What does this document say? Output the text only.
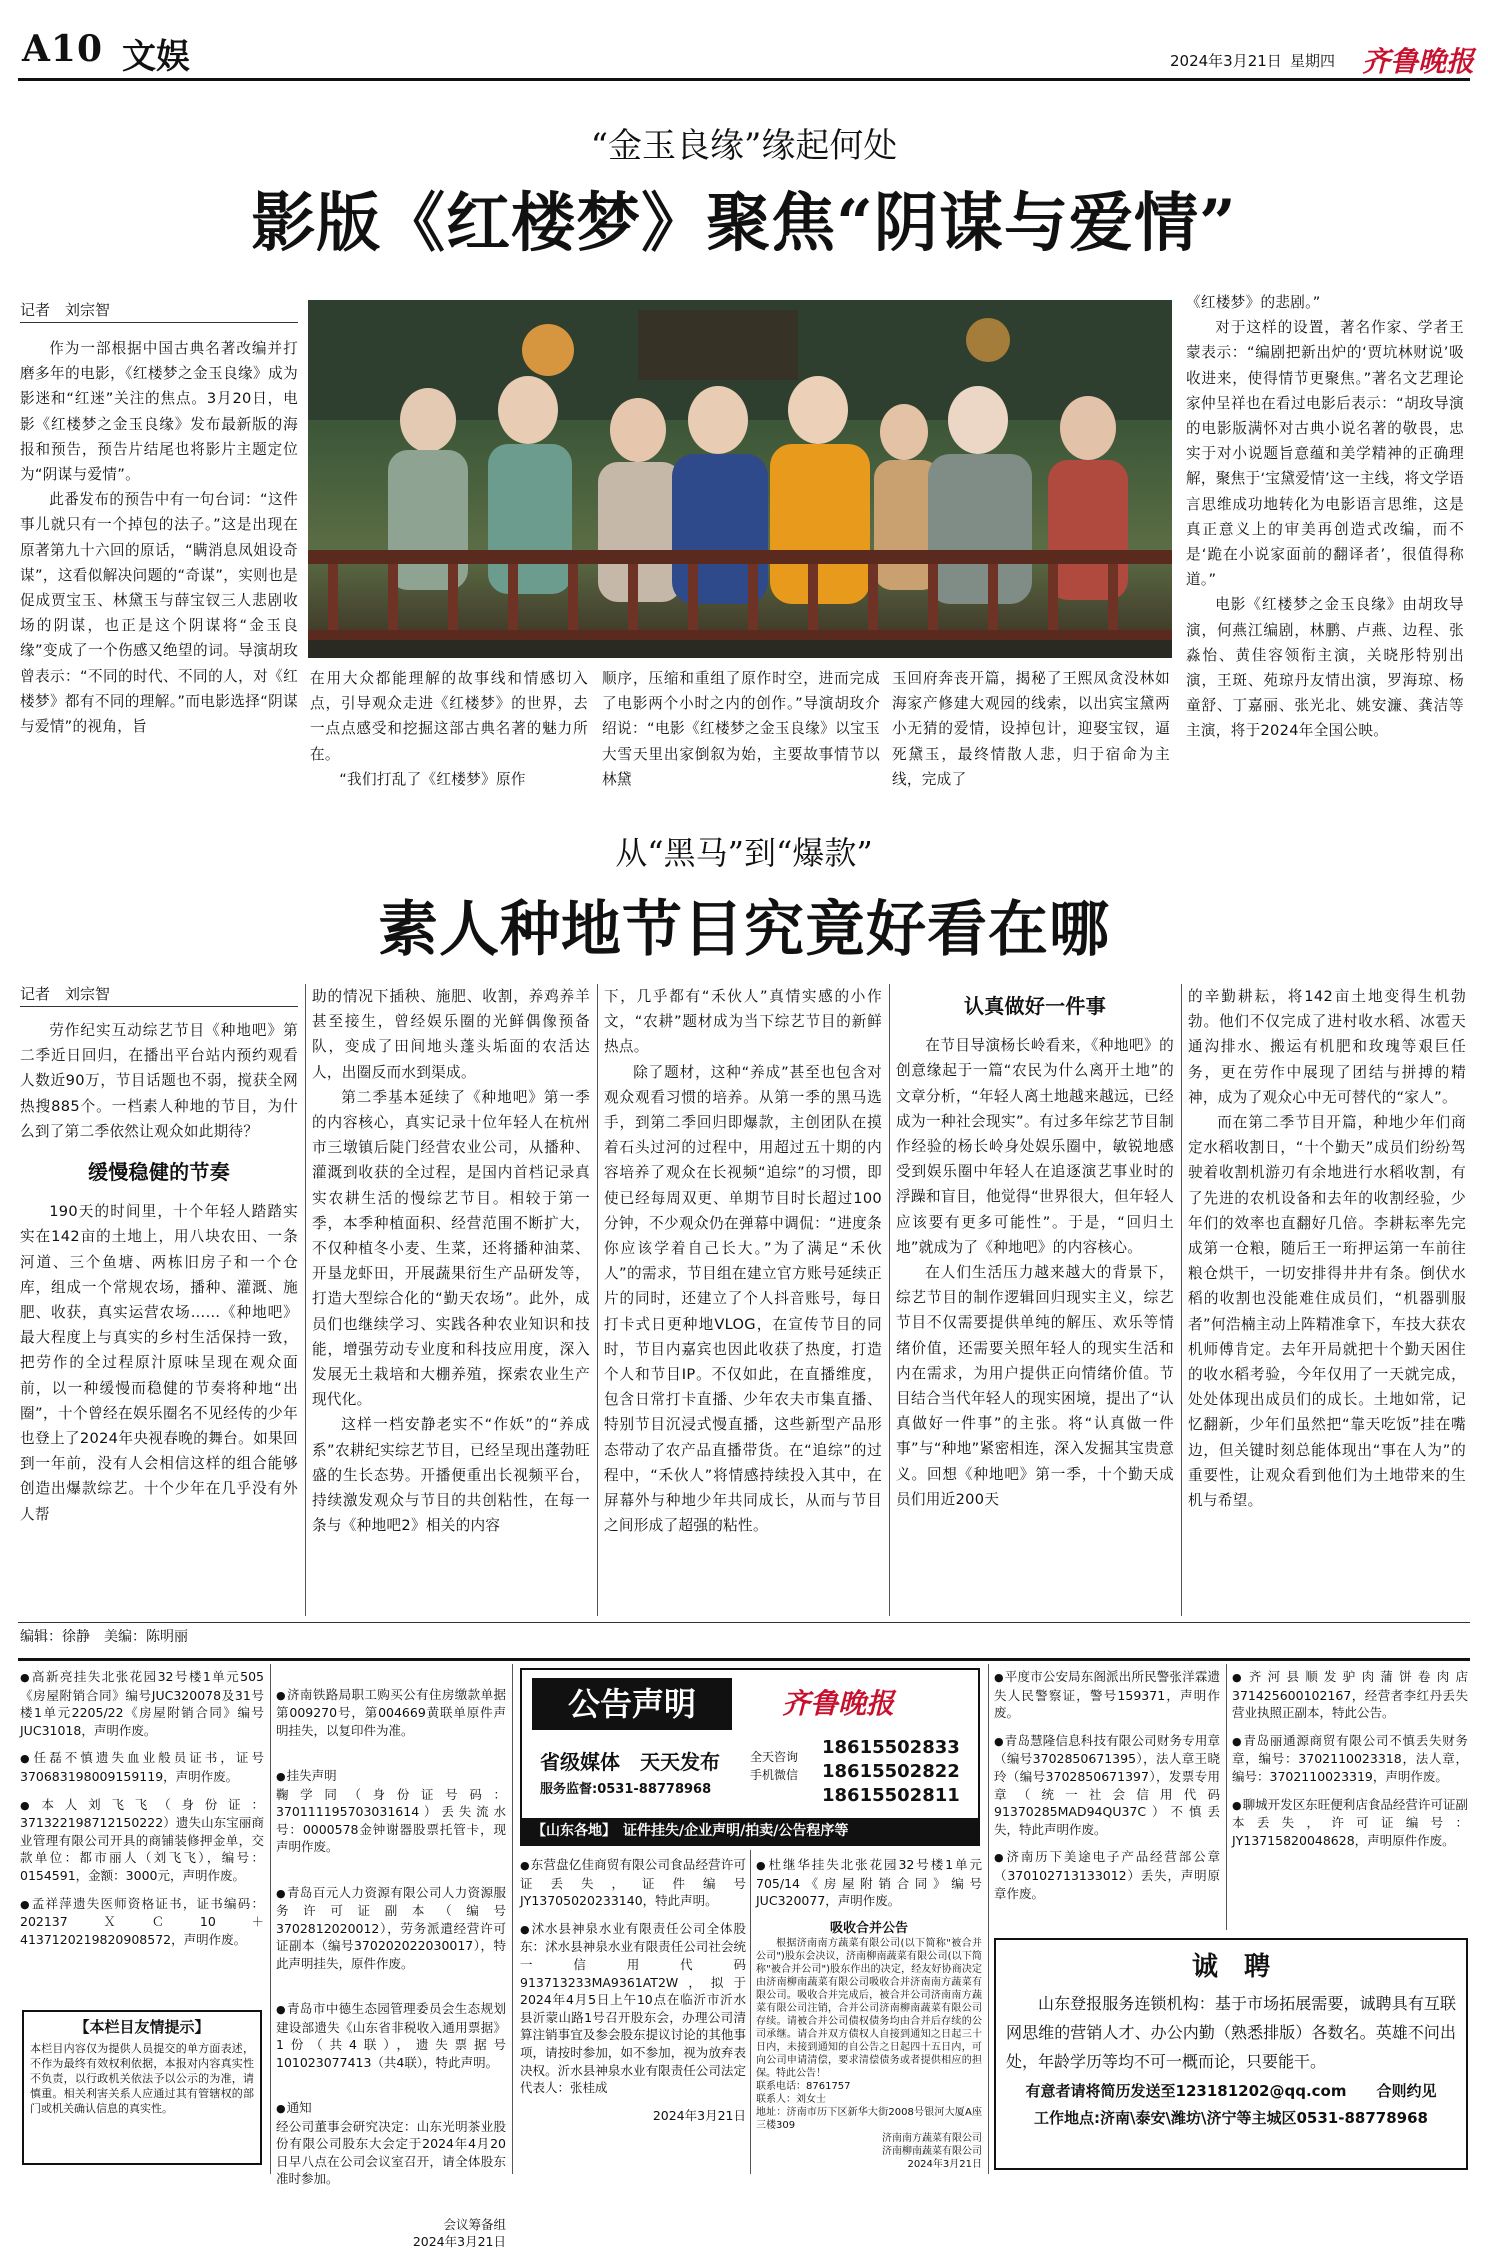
A10 文娱	2024年3月21日 星期四 齐鲁晚报
“金玉良缘”缘起何处
影版《红楼梦》聚焦“阴谋与爱情”
记者　刘宗智

作为一部根据中国古典名著改编并打磨多年的电影，《红楼梦之金玉良缘》成为影迷和“红迷”关注的焦点。3月20日，电影《红楼梦之金玉良缘》发布最新版的海报和预告，预告片结尾也将影片主题定位为“阴谋与爱情”。

此番发布的预告中有一句台词：“这件事儿就只有一个掉包的法子。”这是出现在原著第九十六回的原话，“瞒消息凤姐设奇谋”，这看似解决问题的“奇谋”，实则也是促成贾宝玉、林黛玉与薛宝钗三人悲剧收场的阴谋，也正是这个阴谋将“金玉良缘”变成了一个伤感又绝望的词。导演胡玫曾表示：“不同的时代、不同的人，对《红楼梦》都有不同的理解。”而电影选择“阴谋与爱情”的视角，旨

在用大众都能理解的故事线和情感切入点，引导观众走进《红楼梦》的世界，去一点点感受和挖掘这部古典名著的魅力所在。

“我们打乱了《红楼梦》原作

顺序，压缩和重组了原作时空，进而完成了电影两个小时之内的创作。”导演胡玫介绍说：“电影《红楼梦之金玉良缘》以宝玉大雪天里出家倒叙为始，主要故事情节以林黛

玉回府奔丧开篇，揭秘了王熙凤贪没林如海家产修建大观园的线索，以出宾宝黛两小无猜的爱情，设掉包计，迎娶宝钗，逼死黛玉，最终情散人悲，归于宿命为主线，完成了

《红楼梦》的悲剧。”

对于这样的设置，著名作家、学者王蒙表示：“编剧把新出炉的‘贾坑林财说’吸收进来，使得情节更聚焦。”著名文艺理论家仲呈祥也在看过电影后表示：“胡玫导演的电影版满怀对古典小说名著的敬畏，忠实于对小说题旨意蕴和美学精神的正确理解，聚焦于‘宝黛爱情’这一主线，将文学语言思维成功地转化为电影语言思维，这是真正意义上的审美再创造式改编，而不是‘跪在小说家面前的翻译者’，很值得称道。”

电影《红楼梦之金玉良缘》由胡玫导演，何燕江编剧，林鹏、卢燕、边程、张淼怡、黄佳容领衔主演，关晓彤特别出演，王斑、苑琼丹友情出演，罗海琼、杨童舒、丁嘉丽、张光北、姚安濂、龚洁等主演，将于2024年全国公映。

从“黑马”到“爆款”
素人种地节目究竟好看在哪
记者　刘宗智

劳作纪实互动综艺节目《种地吧》第二季近日回归，在播出平台站内预约观看人数近90万，节目话题也不弱，搅获全网热搜885个。一档素人种地的节目，为什么到了第二季依然让观众如此期待？

缓慢稳健的节奏

190天的时间里，十个年轻人踏踏实实在142亩的土地上，用八块农田、一条河道、三个鱼塘、两栋旧房子和一个仓库，组成一个常规农场，播种、灌溉、施肥、收获，真实运营农场……《种地吧》最大程度上与真实的乡村生活保持一致，把劳作的全过程原汁原味呈现在观众面前，以一种缓慢而稳健的节奏将种地“出圈”，十个曾经在娱乐圈名不见经传的少年也登上了2024年央视春晚的舞台。如果回到一年前，没有人会相信这样的组合能够创造出爆款综艺。十个少年在几乎没有外人帮

助的情况下插秧、施肥、收割，养鸡养羊甚至接生，曾经娱乐圈的光鲜偶像预备队，变成了田间地头蓬头垢面的农活达人，出圈反而水到渠成。

第二季基本延续了《种地吧》第一季的内容核心，真实记录十位年轻人在杭州市三墩镇后陡门经营农业公司，从播种、灌溉到收获的全过程，是国内首档记录真实农耕生活的慢综艺节目。相较于第一季，本季种植面积、经营范围不断扩大，不仅种植冬小麦、生菜，还将播种油菜、开垦龙虾田，开展蔬果衍生产品研发等，打造大型综合化的“勤天农场”。此外，成员们也继续学习、实践各种农业知识和技能，增强劳动专业度和科技应用度，深入发展无土栽培和大棚养殖，探索农业生产现代化。

这样一档安静老实不“作妖”的“养成系”农耕纪实综艺节目，已经呈现出蓬勃旺盛的生长态势。开播便重出长视频平台，持续激发观众与节目的共创粘性，在每一条与《种地吧2》相关的内容

下，几乎都有“禾伙人”真情实感的小作文，“农耕”题材成为当下综艺节目的新鲜热点。

除了题材，这种“养成”甚至也包含对观众观看习惯的培养。从第一季的黑马选手，到第二季回归即爆款，主创团队在摸着石头过河的过程中，用超过五十期的内容培养了观众在长视频“追综”的习惯，即使已经每周双更、单期节目时长超过100分钟，不少观众仍在弹幕中调侃：“进度条你应该学着自己长大。”为了满足“禾伙人”的需求，节目组在建立官方账号延续正片的同时，还建立了个人抖音账号，每日打卡式日更种地VLOG，在宣传节目的同时，节目内嘉宾也因此收获了热度，打造个人和节目IP。不仅如此，在直播维度，包含日常打卡直播、少年农夫市集直播、特别节目沉浸式慢直播，这些新型产品形态带动了农产品直播带货。在“追综”的过程中，“禾伙人”将情感持续投入其中，在屏幕外与种地少年共同成长，从而与节目之间形成了超强的粘性。

认真做好一件事

在节目导演杨长岭看来，《种地吧》的创意缘起于一篇“农民为什么离开土地”的文章分析，“年轻人离土地越来越远，已经成为一种社会现实”。有过多年综艺节目制作经验的杨长岭身处娱乐圈中，敏锐地感受到娱乐圈中年轻人在追逐演艺事业时的浮躁和盲目，他觉得“世界很大，但年轻人应该要有更多可能性”。于是，“回归土地”就成为了《种地吧》的内容核心。

在人们生活压力越来越大的背景下，综艺节目的制作逻辑回归现实主义，综艺节目不仅需要提供单纯的解压、欢乐等情绪价值，还需要关照年轻人的现实生活和内在需求，为用户提供正向情绪价值。节目结合当代年轻人的现实困境，提出了“认真做好一件事”的主张。将“认真做一件事”与“种地”紧密相连，深入发掘其宝贵意义。回想《种地吧》第一季，十个勤天成员们用近200天

的辛勤耕耘，将142亩土地变得生机勃勃。他们不仅完成了进村收水稻、冰雹天通沟排水、搬运有机肥和玫瑰等艰巨任务，更在劳作中展现了团结与拼搏的精神，成为了观众心中无可替代的“家人”。

而在第二季节目开篇，种地少年们商定水稻收割日，“十个勤天”成员们纷纷驾驶着收割机游刃有余地进行水稻收割，有了先进的农机设备和去年的收割经验，少年们的效率也直翻好几倍。李耕耘率先完成第一仓粮，随后王一珩押运第一车前往粮仓烘干，一切安排得井井有条。倒伏水稻的收割也没能难住成员们，“机器驯服者”何浩楠主动上阵精准拿下，车技大获农机师傅肯定。去年开局就把十个勤天困住的收水稻考验，今年仅用了一天就完成，处处体现出成员们的成长。土地如常，记忆翻新，少年们虽然把“靠天吃饭”挂在嘴边，但关键时刻总能体现出“事在人为”的重要性，让观众看到他们为土地带来的生机与希望。

编辑：徐静　美编：陈明丽
● 高新亮挂失北张花园32号楼1单元505《房屋附销合同》编号JUC320078及31号楼1单元2205/22《房屋附销合同》编号JUC31018，声明作废。
● 任磊不慎遗失血业般员证书，证号370683198009159119，声明作废。
● 本人刘飞飞（身份证：371322198712150222）遗失山东宝丽商业管理有限公司开具的商铺装修押金单，交款单位：都市丽人（刘飞飞），编号：0154591，金额：3000元，声明作废。
● 孟祥萍遗失医师资格证书，证书编码：202137ＸＣ10＋4137120219820908572，声明作废。
【本栏目友情提示】
本栏目内容仅为提供人员提交的单方面表述，不作为最终有效权利依据，本报对内容真实性不负责，以行政机关依法予以公示的为准，请慎重。相关利害关系人应通过其有管辖权的部门或机关确认信息的真实性。

● 济南铁路局职工购买公有住房缴款单据第009270号，第004669黄联单原件声明挂失，以复印件为准。

● 挂失声明
鞠学同（身份证号码：370111195703031614）丢失流水号：0000578金钟谢器股票托管卡，现声明作废。

● 青岛百元人力资源有限公司人力资源服务许可证副本（编号3702812020012），劳务派遣经营许可证副本（编号370202022030017），特此声明挂失，原件作废。

● 青岛市中德生态园管理委员会生态规划建设部遗失《山东省非税收入通用票据》1份（共4联），遗失票据号101023077413（共4联），特此声明。

● 通知
经公司董事会研究决定：山东光明茶业股份有限公司股东大会定于2024年4月20日早八点在公司会议室召开，请全体股东准时参加。

会议筹备组
2024年3月21日

公告声明	齐鲁晚报
省级媒体　天天发布	全天咨询
手机微信
18615502833
18615502822
18615502811
服务监督:0531-88778968
【山东各地】　证件挂失/企业声明/拍卖/公告程序等
● 东营盘亿佳商贸有限公司食品经营许可证丢失，证件编号JY13705020233140，特此声明。
● 沭水县神泉水业有限责任公司全体股东：沭水县神泉水业有限责任公司社会统一信用代码913713233MA9361AT2W，拟于2024年4月5日上午10点在临沂市沂水县沂蒙山路1号召开股东会，办理公司清算注销事宜及参会股东提议讨论的其他事项，请按时参加，如不参加，视为放弃表决权。沂水县神泉水业有限责任公司法定代表人：张桂成
2024年3月21日
● 杜继华挂失北张花园32号楼1单元705/14《房屋附销合同》编号JUC320077，声明作废。
吸收合并公告
根据济南南方蔬菜有限公司(以下简称"被合并公司")股东会决议，济南柳南蔬菜有限公司(以下简称"被合并公司")股东作出的决定，经友好协商决定由济南柳南蔬菜有限公司吸收合并济南南方蔬菜有限公司。吸收合并完成后，被合并公司济南南方蔬菜有限公司注销，合并公司济南柳南蔬菜有限公司存续。请被合并公司债权债务均由合并后存续的公司承继。请合并双方债权人自接到通知之日起三十日内，未接到通知的自公告之日起四十五日内，可向公司申请清偿，要求清偿债务或者提供相应的担保。特此公告！
联系电话：8761757
联系人：刘女士
地址：济南市历下区新华大街2008号银河大厦A座三楼309
济南南方蔬菜有限公司
济南柳南蔬菜有限公司
2024年3月21日
● 平度市公安局东阁派出所民警张洋霖遗失人民警察证，警号159371，声明作废。
● 青岛慧隆信息科技有限公司财务专用章（编号3702850671395），法人章王晓玲（编号3702850671397），发票专用章（统一社会信用代码91370285MAD94QU37C）不慎丢失，特此声明作废。
● 济南历下美途电子产品经营部公章（370102713133012）丢失，声明原章作废。
● 齐河县顺发驴肉蒲饼卷肉店371425600102167，经营者李红丹丢失营业执照正副本，特此公告。
● 青岛丽通源商贸有限公司不慎丢失财务章，编号：3702110023318，法人章，编号：3702110023319，声明作废。
● 聊城开发区东旺便利店食品经营许可证副本丢失，许可证编号：JY13715820048628，声明原件作废。
诚　聘
山东登报服务连锁机构：基于市场拓展需要，诚聘具有互联网思维的营销人才、办公内勤（熟悉排版）各数名。英雄不问出处，年龄学历等均不可一概而论，只要能干。
有意者请将简历发送至123181202@qq.com　　合则约见
工作地点:济南\泰安\潍坊\济宁等主城区0531-88778968
